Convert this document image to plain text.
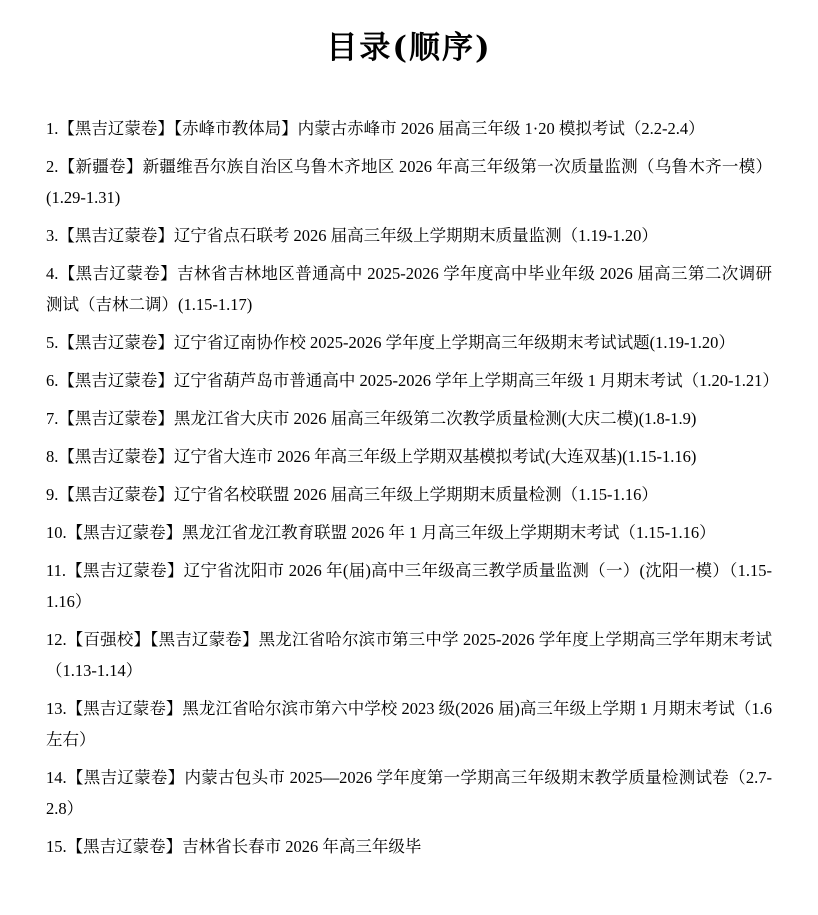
目录(顺序)

1.【黑吉辽蒙卷】【赤峰市教体局】内蒙古赤峰市 2026 届高三年级 1·20 模拟考试（2.2-2.4）

2.【新疆卷】新疆维吾尔族自治区乌鲁木齐地区 2026 年高三年级第一次质量监测（乌鲁木齐一模）(1.29-1.31)

3.【黑吉辽蒙卷】辽宁省点石联考 2026 届高三年级上学期期末质量监测（1.19-1.20）

4.【黑吉辽蒙卷】吉林省吉林地区普通高中 2025-2026 学年度高中毕业年级 2026 届高三第二次调研测试（吉林二调）(1.15-1.17)

5.【黑吉辽蒙卷】辽宁省辽南协作校 2025-2026 学年度上学期高三年级期末考试试题(1.19-1.20）

6.【黑吉辽蒙卷】辽宁省葫芦岛市普通高中 2025-2026 学年上学期高三年级 1 月期末考试（1.20-1.21）

7.【黑吉辽蒙卷】黑龙江省大庆市 2026 届高三年级第二次教学质量检测(大庆二模)(1.8-1.9)

8.【黑吉辽蒙卷】辽宁省大连市 2026 年高三年级上学期双基模拟考试(大连双基)(1.15-1.16)

9.【黑吉辽蒙卷】辽宁省名校联盟 2026 届高三年级上学期期末质量检测（1.15-1.16）

10.【黑吉辽蒙卷】黑龙江省龙江教育联盟 2026 年 1 月高三年级上学期期末考试（1.15-1.16）

11.【黑吉辽蒙卷】辽宁省沈阳市 2026 年(届)高中三年级高三教学质量监测（一）(沈阳一模）（1.15-1.16）

12.【百强校】【黑吉辽蒙卷】黑龙江省哈尔滨市第三中学 2025-2026 学年度上学期高三学年期末考试（1.13-1.14）

13.【黑吉辽蒙卷】黑龙江省哈尔滨市第六中学校 2023 级(2026 届)高三年级上学期 1 月期末考试（1.6 左右）

14.【黑吉辽蒙卷】内蒙古包头市 2025—2026 学年度第一学期高三年级期末教学质量检测试卷（2.7-2.8）

15.【黑吉辽蒙卷】吉林省长春市 2026 年高三年级毕
